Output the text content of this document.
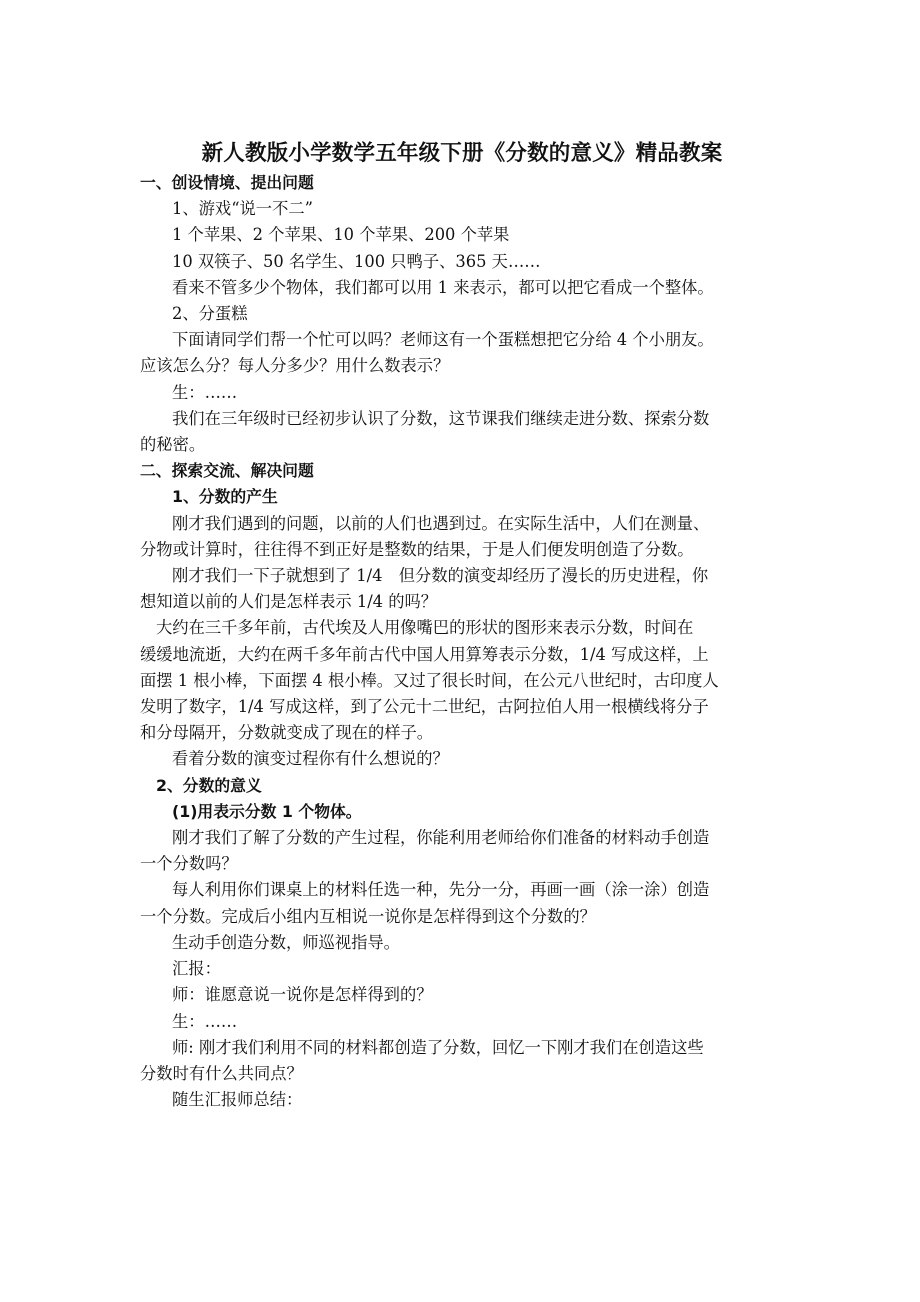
新人教版小学数学五年级下册《分数的意义》精品教案

一、创设情境、提出问题

1、游戏“说一不二”

1 个苹果、2 个苹果、10 个苹果、200 个苹果

10 双筷子、50 名学生、100 只鸭子、365 天……

看来不管多少个物体，我们都可以用 1 来表示，都可以把它看成一个整体。

2、分蛋糕

下面请同学们帮一个忙可以吗？老师这有一个蛋糕想把它分给 4 个小朋友。

应该怎么分？每人分多少？用什么数表示？

生：……

我们在三年级时已经初步认识了分数，这节课我们继续走进分数、探索分数

的秘密。

二、探索交流、解决问题

1、分数的产生

刚才我们遇到的问题，以前的人们也遇到过。在实际生活中，人们在测量、

分物或计算时，往往得不到正好是整数的结果，于是人们便发明创造了分数。

刚才我们一下子就想到了 1/4　但分数的演变却经历了漫长的历史进程，你

想知道以前的人们是怎样表示 1/4 的吗？

大约在三千多年前，古代埃及人用像嘴巴的形状的图形来表示分数，时间在

缓缓地流逝，大约在两千多年前古代中国人用算筹表示分数，1/4 写成这样，上

面摆 1 根小棒，下面摆 4 根小棒。又过了很长时间，在公元八世纪时，古印度人

发明了数字，1/4 写成这样，到了公元十二世纪，古阿拉伯人用一根横线将分子

和分母隔开，分数就变成了现在的样子。

看着分数的演变过程你有什么想说的？

2、分数的意义

(1)用表示分数 1 个物体。

刚才我们了解了分数的产生过程，你能利用老师给你们准备的材料动手创造

一个分数吗？

每人利用你们课桌上的材料任选一种，先分一分，再画一画（涂一涂）创造

一个分数。完成后小组内互相说一说你是怎样得到这个分数的？

生动手创造分数，师巡视指导。

汇报：

师：谁愿意说一说你是怎样得到的？

生：……

师: 刚才我们利用不同的材料都创造了分数，回忆一下刚才我们在创造这些

分数时有什么共同点？

随生汇报师总结：
